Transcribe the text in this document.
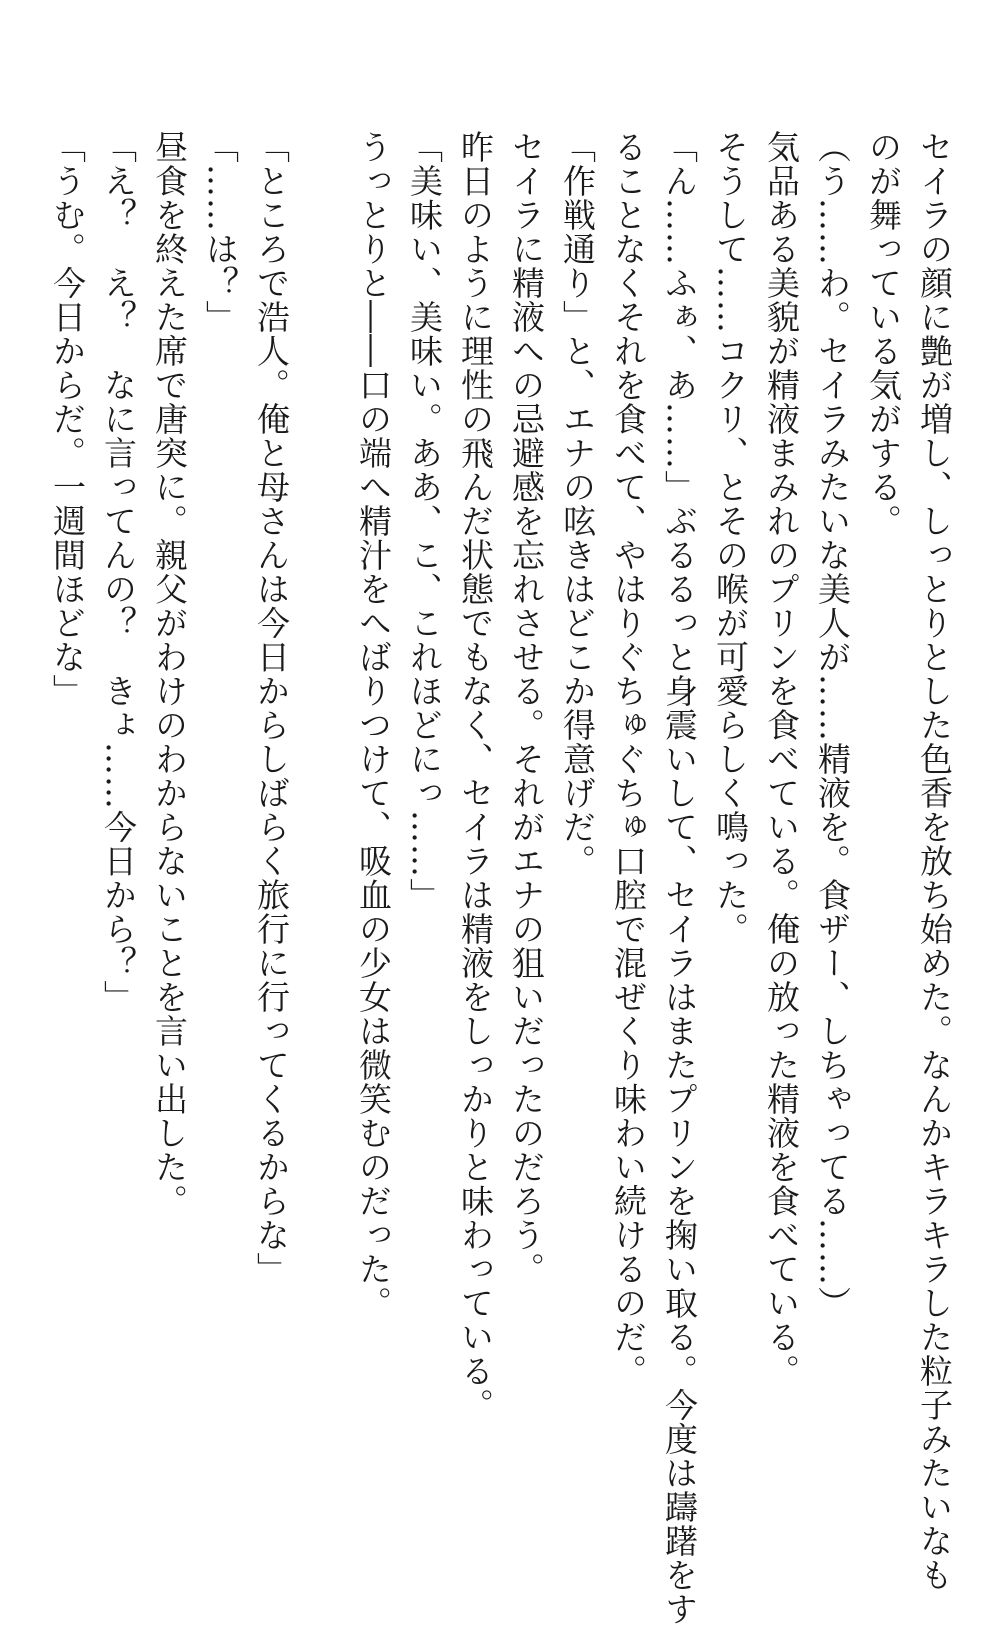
セイラの顔に艶が増し、しっとりとした色香を放ち始めた。なんかキラキラした粒子みたいなも
のが舞っている気がする。
（う……わ。セイラみたいな美人が……精液を。食ザー、しちゃってる……）
気品ある美貌が精液まみれのプリンを食べている。俺の放った精液を食べている。
そうして……コクリ、とその喉が可愛らしく鳴った。
「ん……ふぁ、あ……」ぶるるっと身震いして、セイラはまたプリンを掬い取る。今度は躊躇をす
ることなくそれを食べて、やはりぐちゅぐちゅ口腔で混ぜくり味わい続けるのだ。
「作戦通り」と、エナの呟きはどこか得意げだ。
セイラに精液への忌避感を忘れさせる。それがエナの狙いだったのだろう。
昨日のように理性の飛んだ状態でもなく、セイラは精液をしっかりと味わっている。
「美味い、美味い。ああ、こ、これほどにっ……」
うっとりと――口の端へ精汁をへばりつけて、吸血の少女は微笑むのだった。
「ところで浩人。俺と母さんは今日からしばらく旅行に行ってくるからな」
「……は？」
昼食を終えた席で唐突に。親父がわけのわからないことを言い出した。
「え？　え？　なに言ってんの？　きょ……今日から？」
「うむ。今日からだ。一週間ほどな」
